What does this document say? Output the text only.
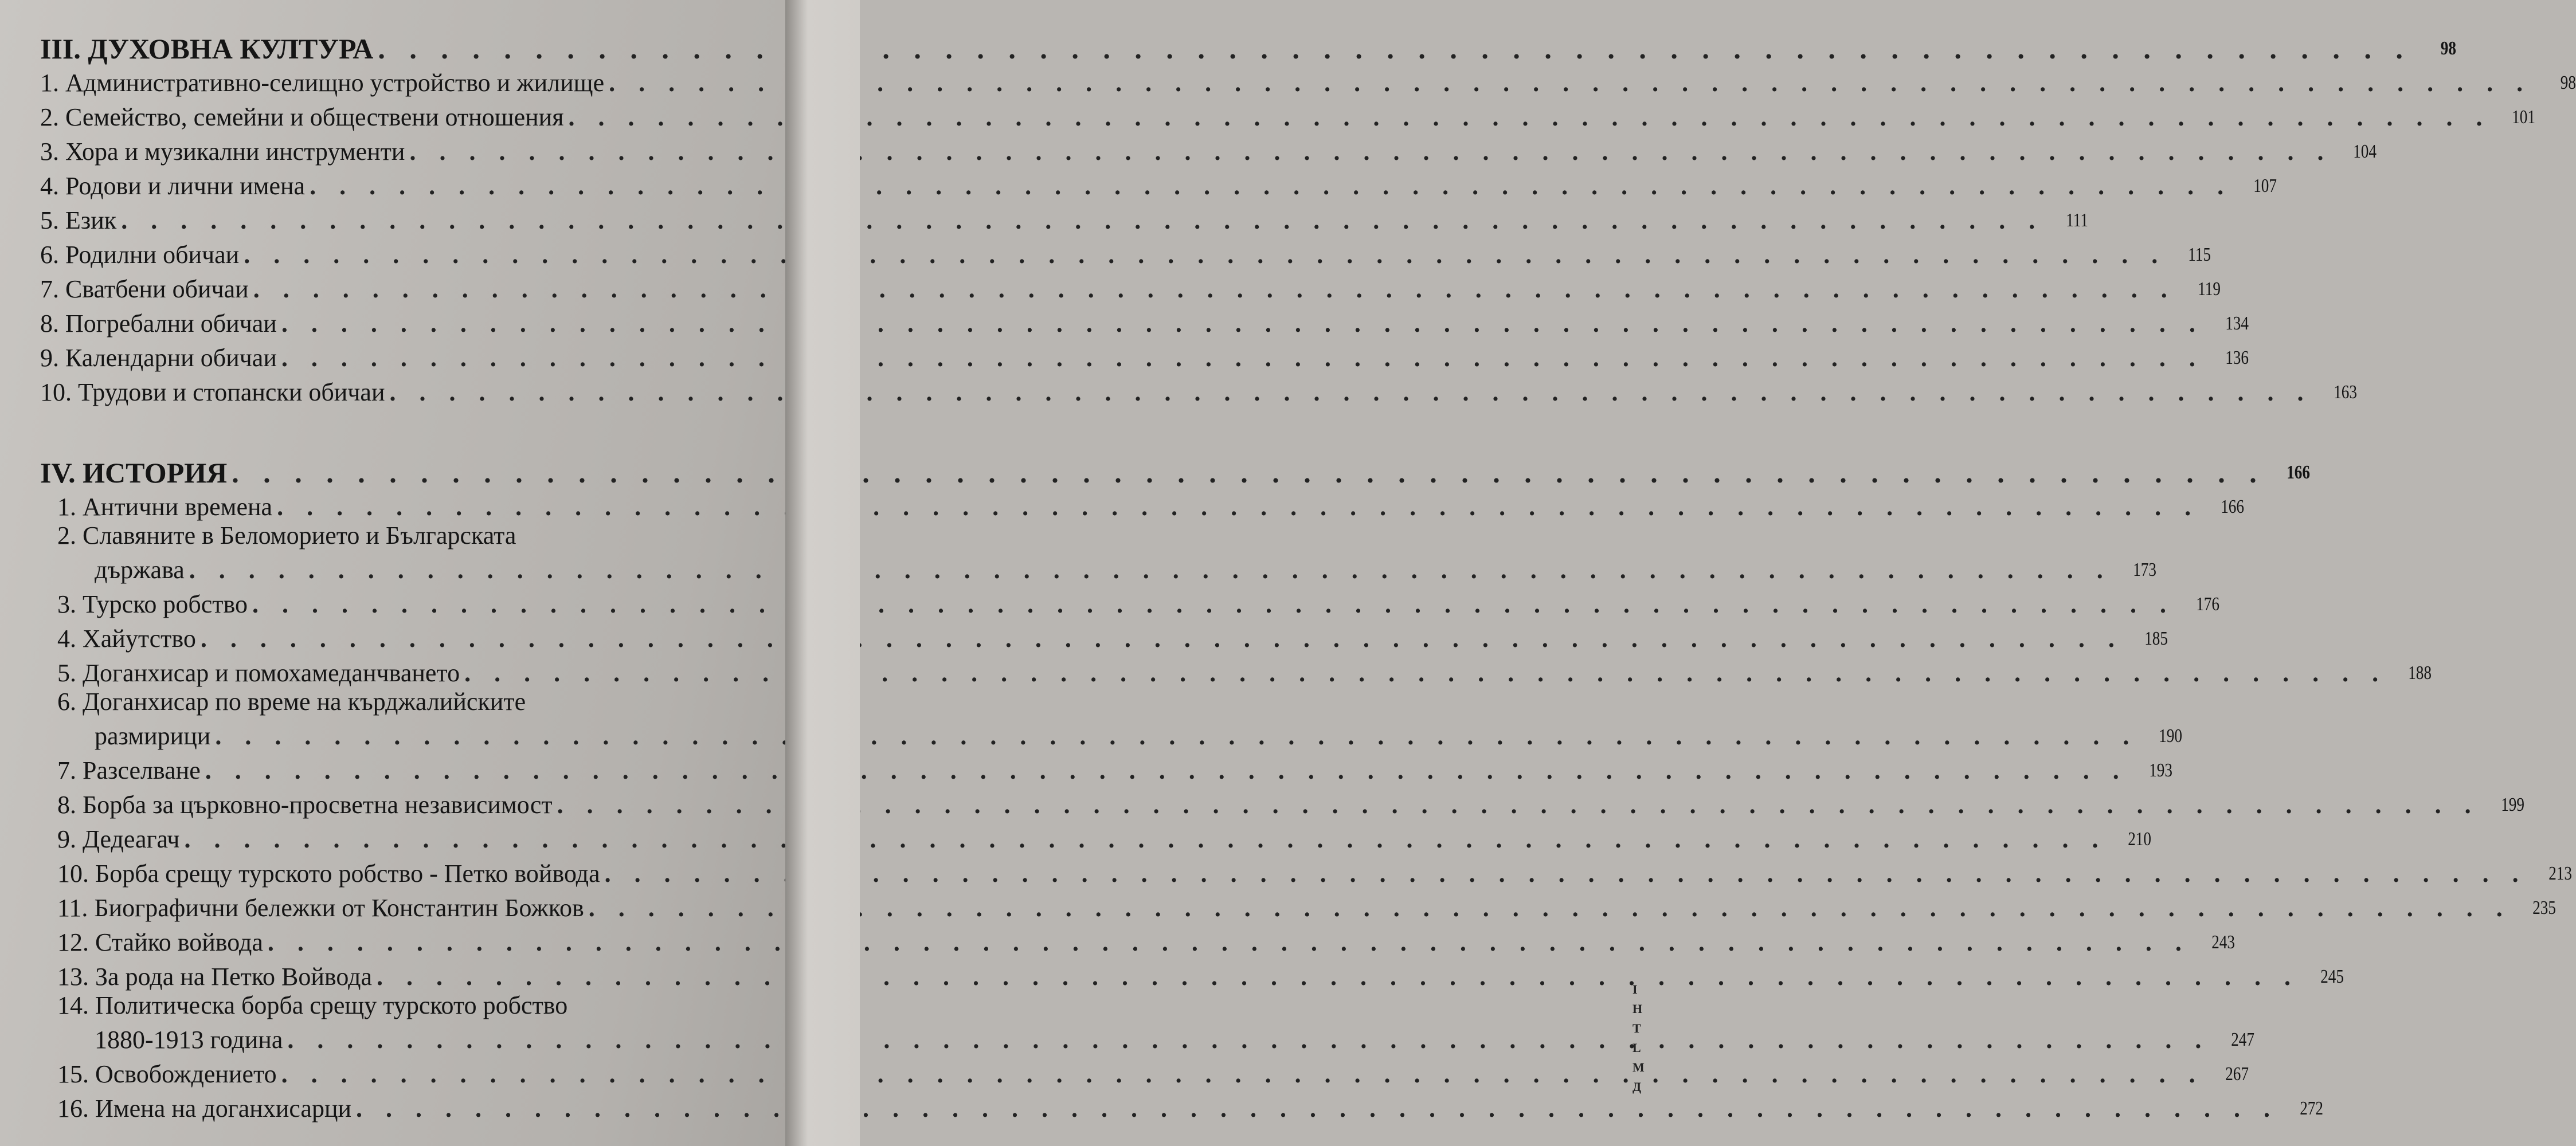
III. ДУХОВНА КУЛТУРА . . .	98
1. Административно-селищно устройство и жилище . . .	98
2. Семейство, семейни и обществени отношения . . .	101
3. Хора и музикални инструменти . . .	104
4. Родови и лични имена . . .	107
5. Език . . .	111
6. Родилни обичаи . . .	115
7. Сватбени обичаи . . .	119
8. Погребални обичаи . . .	134
9. Календарни обичаи . . .	136
10. Трудови и стопански обичаи . . .	163
IV. ИСТОРИЯ . . .	166
1. Антични времена . . .	166
2. Славяните в Беломорието и Българската
държава . . .	173
3. Турско робство . . .	176
4. Хайутство . . .	185
5. Доганхисар и помохамеданчването . . .	188
6. Доганхисар по време на кърджалийските
размирици . . .	190
7. Разселване . . .	193
8. Борба за църковно-просветна независимост . . .	199
9. Дедеагач . . .	210
10. Борба срещу турското робство - Петко войвода . . .	213
11. Биографични бележки от Константин Божков . . .	235
12. Стайко войвода . . .	243
13. За рода на Петко Войвода . . .	245
14. Политическа борба срещу турското робство
1880-1913 година . . .	247
15. Освобождението . . .	267
16. Имена на доганхисарци . . .	272
I
Н
Т
L
М
Д
